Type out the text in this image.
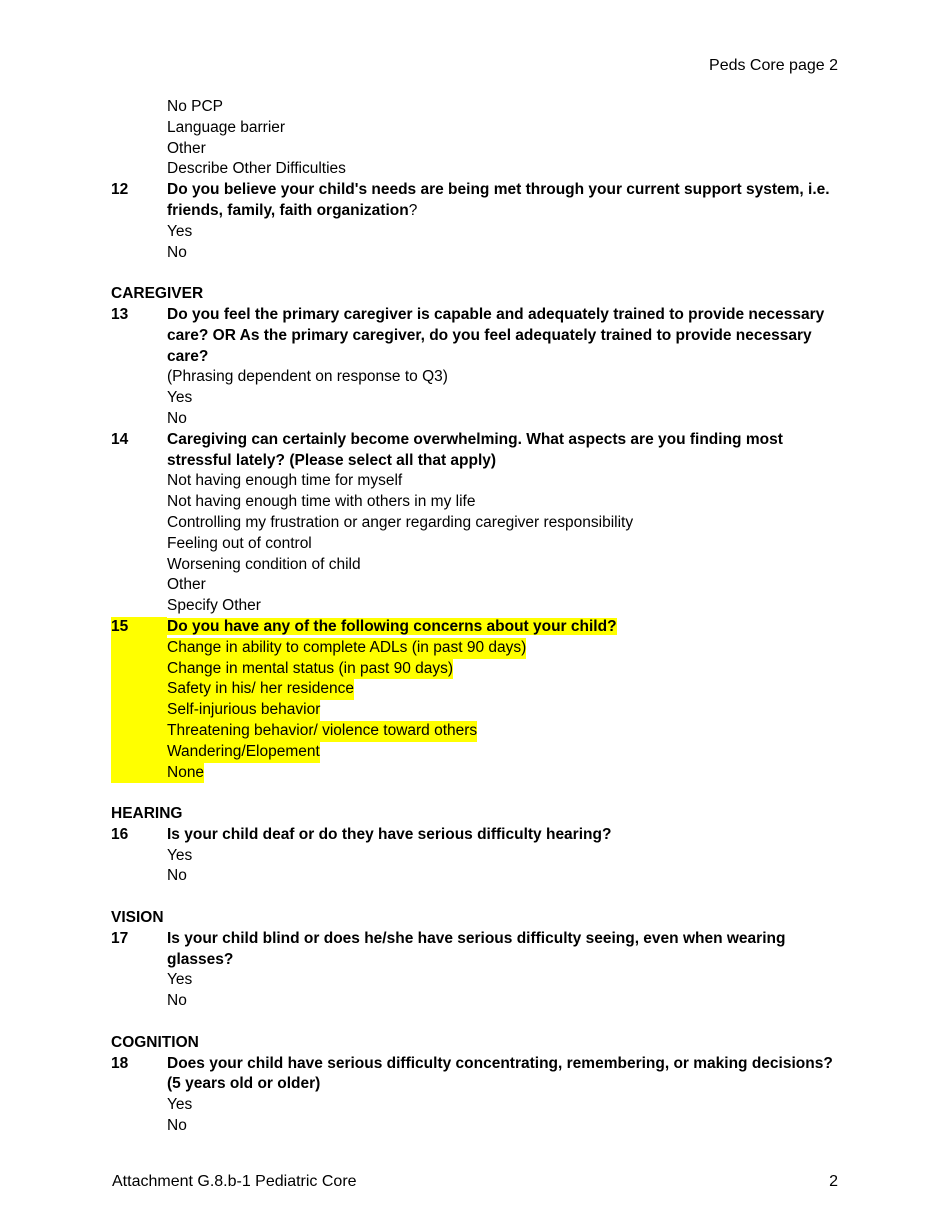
Peds Core page 2
No PCP
Language barrier
Other
Describe Other Difficulties
12	Do you believe your child's needs are being met through your current support system, i.e. friends, family, faith organization?
Yes
No
CAREGIVER
13	Do you feel the primary caregiver is capable and adequately trained to provide necessary care? OR As the primary caregiver, do you feel adequately trained to provide necessary care?
(Phrasing dependent on response to Q3)
Yes
No
14	Caregiving can certainly become overwhelming. What aspects are you finding most stressful lately? (Please select all that apply)
Not having enough time for myself
Not having enough time with others in my life
Controlling my frustration or anger regarding caregiver responsibility
Feeling out of control
Worsening condition of child
Other
Specify Other
15	Do you have any of the following concerns about your child?
Change in ability to complete ADLs (in past 90 days)
Change in mental status (in past 90 days)
Safety in his/ her residence
Self-injurious behavior
Threatening behavior/ violence toward others
Wandering/Elopement
None
HEARING
16	Is your child deaf or do they have serious difficulty hearing?
Yes
No
VISION
17	Is your child blind or does he/she have serious difficulty seeing, even when wearing glasses?
Yes
No
COGNITION
18	Does your child have serious difficulty concentrating, remembering, or making decisions? (5 years old or older)
Yes
No
Attachment G.8.b-1 Pediatric Core	2
